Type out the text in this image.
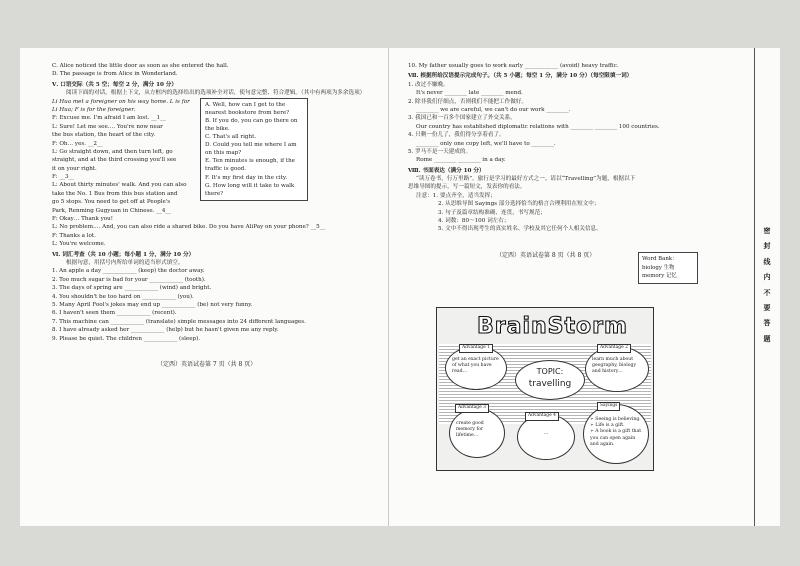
C. Alice noticed the little door as soon as she entered the hall.

D. The passage is from Alice in Wonderland.

Ⅴ. 口语交际（共 5 空；每空 2 分，满分 10 分）

阅读下面的对话，根据上下文，从方框内的选择给出的选项补全对话，使句意完整、符合逻辑。（其中有两项为多余选项）

Li Hua met a foreigner on his way home. L is for

Li Hua; F is for the foreigner.

F: Excuse me. I'm afraid I am lost. __1__

L: Sure! Let me see…. You're now near

the bus station, the heart of the city.

F: Oh… yes. __2__

L: Go straight down, and then turn left, go

straight, and at the third crossing you'll see

it on your right.

F: __3__

L: About thirty minutes' walk. And you can also

take the No. 1 Bus from this bus station and

go 5 stops. You need to get off at People's

Park, Renming Gugyuan in Chinese. __4__

F: Okay… Thank you!

A. Well, how can I get to the nearest bookstore from here?

B. If you do, you can go there on the bike.

C. That's all right.

D. Could you tell me where I am on this map?

E. Ten minutes is enough, if the traffic is good.

F. It's my first day in the city.

G. How long will it take to walk there?

L: No problem…. And, you can also ride a shared bike. Do you have AliPay on your phone? __5__

F: Thanks a lot.

L: You're welcome.

Ⅵ. 词汇考查（共 10 小题；每小题 1 分，满分 10 分）

根据句意，用括号内所给单词的适当形式填空。

1. An apple a day ____________ (keep) the doctor away.

2. Too much sugar is bad for your ____________ (tooth).

3. The days of spring are ____________ (wind) and bright.

4. You shouldn't be too hard on ____________ (you).

5. Many April Fool's jokes may end up ____________ (be) not very funny.

6. I haven't seen them ____________ (recent).

7. This machine can ____________ (translate) simple messages into 24 different languages.

8. I have already asked her ____________ (help) but he hasn't given me any reply.

9. Please be quiet. The children ____________ (sleep).

（定西）英语试卷第 7 页（共 8 页）

10. My father usually goes to work early ____________ (avoid) heavy traffic.

Ⅶ. 根据所给汉语提示完成句子。（共 5 小题；每空 1 分，满分 10 分）（每空限填一词）

1. 改过不嫌晚。

It's never ________ late ________ mend.

2. 除非我们仔细点，否则我们不能把工作做好。

________ we are careful, we can't do our work ________.

3. 我国已和一百多个国家建立了外交关系。

Our country has established diplomatic relations with ________ ________ 100 countries.

4. 只剩一份儿了，我们得分享着看了。

________ only one copy left, we'll have to ________.

5. 罗马不是一天建成的。

Rome ________ ________ in a day.

Ⅷ. 书面表达（满分 10 分）

“读万卷书，行万里路”，旅行是学习的最好方式之一。请以“Travelling”为题，根据以下

思维导图的提示，写一篇短文，发表你的看法。

注意：1. 要点齐全，适当发挥；

2. 从思维导图 Sayings 部分选择恰当的格言合理利用在短文中；

3. 句子及篇章结构准确、连贯，书写规范；

4. 词数：80～100 词左右；

5. 文中不得出现考生的真实姓名、学校及其它任何个人相关信息。

Word Bank：
biology 生物
memory 记忆
BrainStorm
get an exact picture of what you have read…
Advantage 1
learn much about geography, biology and history…
Advantage 2
TOPIC:
travelling
create good memory for lifetime…
Advantage 3
…
Advantage 4
➢ Seeing is believing.
➢ Life is a gift.
➢ A book is a gift that you can open again and again.
Sayings
（定西）英语试卷第 8 页（共 8 页）
密
封
线
内
不
要
答
题
